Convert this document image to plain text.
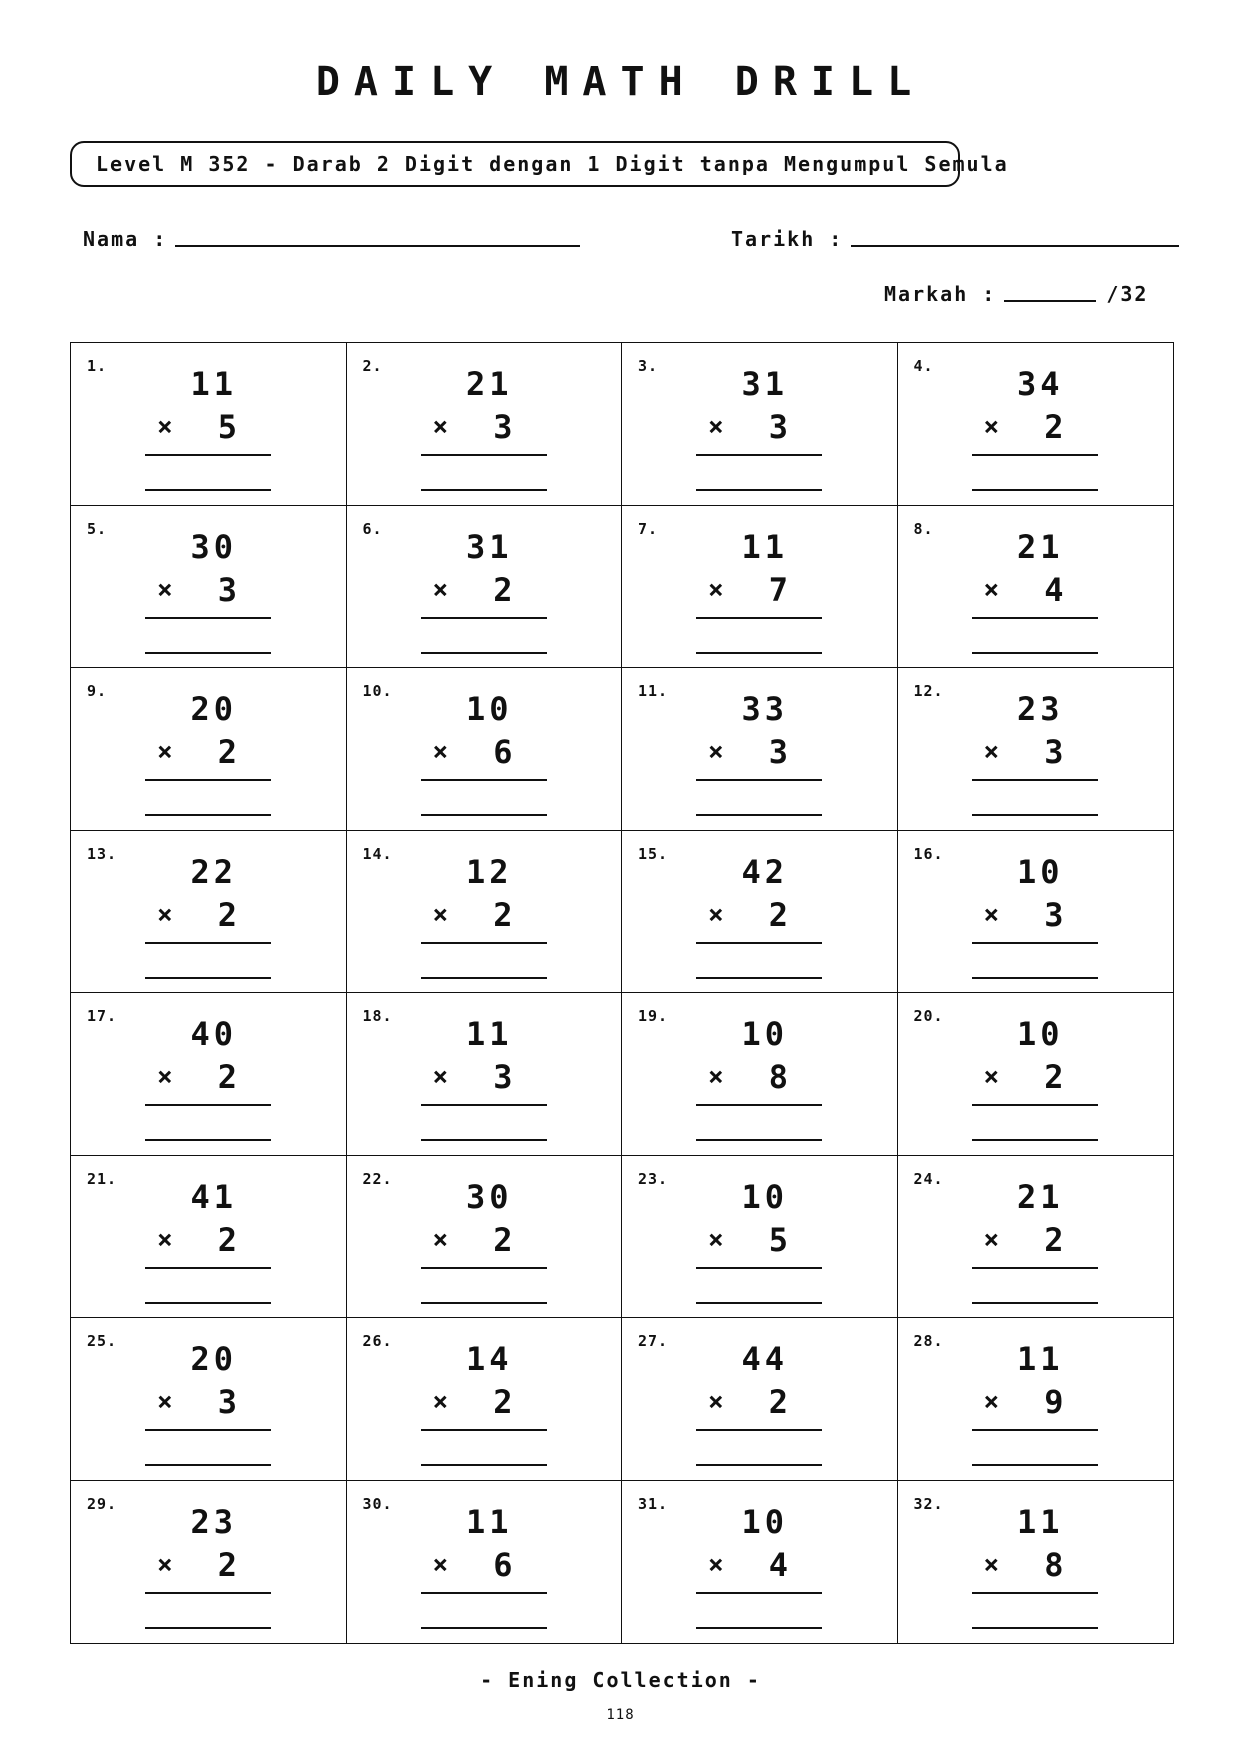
DAILY MATH DRILL
Level M 352 - Darab 2 Digit dengan 1 Digit tanpa Mengumpul Semula
Nama :	Tarikh :
Markah :	/32
1.	11
×	5
2.	21
×	3
3.	31
×	3
4.	34
×	2
5.	30
×	3
6.	31
×	2
7.	11
×	7
8.	21
×	4
9.	20
×	2
10.	10
×	6
11.	33
×	3
12.	23
×	3
13.	22
×	2
14.	12
×	2
15.	42
×	2
16.	10
×	3
17.	40
×	2
18.	11
×	3
19.	10
×	8
20.	10
×	2
21.	41
×	2
22.	30
×	2
23.	10
×	5
24.	21
×	2
25.	20
×	3
26.	14
×	2
27.	44
×	2
28.	11
×	9
29.	23
×	2
30.	11
×	6
31.	10
×	4
32.	11
×	8
- Ening Collection -
118
